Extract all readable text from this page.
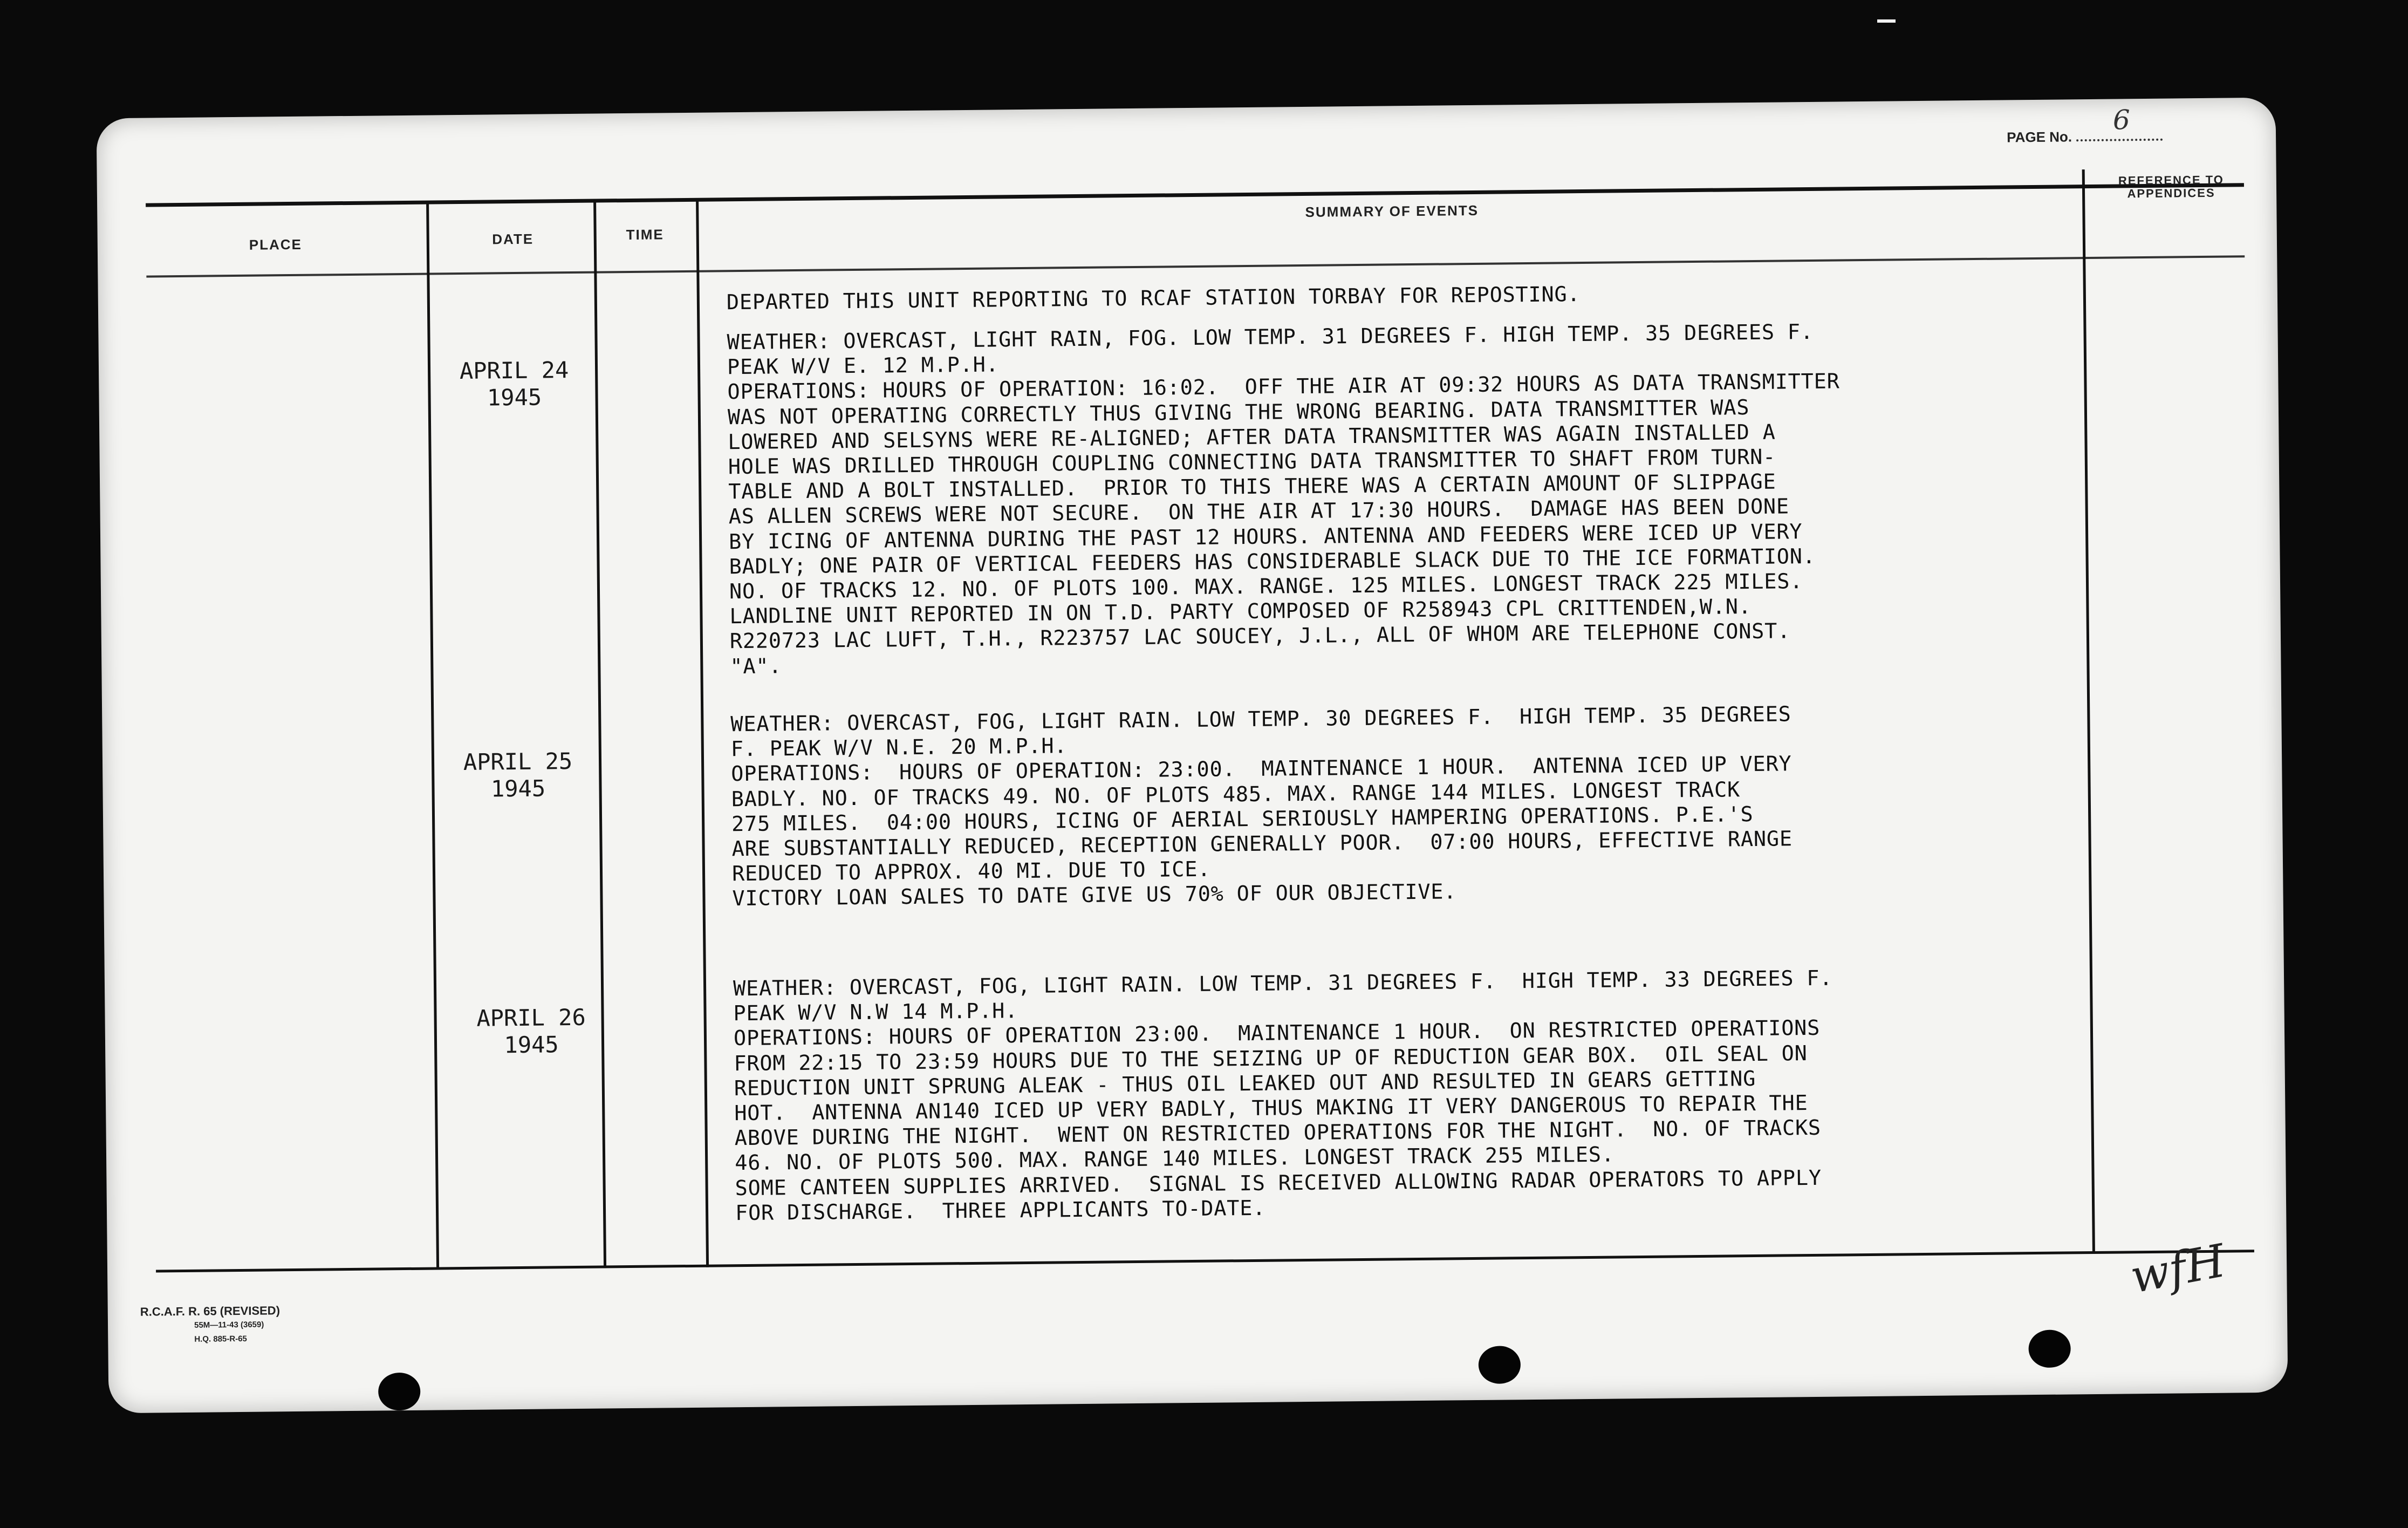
PAGE No.
6
PLACE	DATE	TIME
SUMMARY OF EVENTS
REFERENCE TO APPENDICES
APRIL 24
1945
APRIL 25
1945
APRIL 26
1945
DEPARTED THIS UNIT REPORTING TO RCAF STATION TORBAY FOR REPOSTING.
WEATHER: OVERCAST, LIGHT RAIN, FOG. LOW TEMP. 31 DEGREES F. HIGH TEMP. 35 DEGREES F.
PEAK W/V E. 12 M.P.H.
OPERATIONS: HOURS OF OPERATION: 16:02.  OFF THE AIR AT 09:32 HOURS AS DATA TRANSMITTER
WAS NOT OPERATING CORRECTLY THUS GIVING THE WRONG BEARING. DATA TRANSMITTER WAS
LOWERED AND SELSYNS WERE RE-ALIGNED; AFTER DATA TRANSMITTER WAS AGAIN INSTALLED A
HOLE WAS DRILLED THROUGH COUPLING CONNECTING DATA TRANSMITTER TO SHAFT FROM TURN-
TABLE AND A BOLT INSTALLED.  PRIOR TO THIS THERE WAS A CERTAIN AMOUNT OF SLIPPAGE
AS ALLEN SCREWS WERE NOT SECURE.  ON THE AIR AT 17:30 HOURS.  DAMAGE HAS BEEN DONE
BY ICING OF ANTENNA DURING THE PAST 12 HOURS. ANTENNA AND FEEDERS WERE ICED UP VERY
BADLY; ONE PAIR OF VERTICAL FEEDERS HAS CONSIDERABLE SLACK DUE TO THE ICE FORMATION.
NO. OF TRACKS 12. NO. OF PLOTS 100. MAX. RANGE. 125 MILES. LONGEST TRACK 225 MILES.
LANDLINE UNIT REPORTED IN ON T.D. PARTY COMPOSED OF R258943 CPL CRITTENDEN,W.N.
R220723 LAC LUFT, T.H., R223757 LAC SOUCEY, J.L., ALL OF WHOM ARE TELEPHONE CONST.
"A".
WEATHER: OVERCAST, FOG, LIGHT RAIN. LOW TEMP. 30 DEGREES F.  HIGH TEMP. 35 DEGREES
F. PEAK W/V N.E. 20 M.P.H.
OPERATIONS:  HOURS OF OPERATION: 23:00.  MAINTENANCE 1 HOUR.  ANTENNA ICED UP VERY
BADLY. NO. OF TRACKS 49. NO. OF PLOTS 485. MAX. RANGE 144 MILES. LONGEST TRACK
275 MILES.  04:00 HOURS, ICING OF AERIAL SERIOUSLY HAMPERING OPERATIONS. P.E.'S
ARE SUBSTANTIALLY REDUCED, RECEPTION GENERALLY POOR.  07:00 HOURS, EFFECTIVE RANGE
REDUCED TO APPROX. 40 MI. DUE TO ICE.
VICTORY LOAN SALES TO DATE GIVE US 70% OF OUR OBJECTIVE.
WEATHER: OVERCAST, FOG, LIGHT RAIN. LOW TEMP. 31 DEGREES F.  HIGH TEMP. 33 DEGREES F.
PEAK W/V N.W 14 M.P.H.
OPERATIONS: HOURS OF OPERATION 23:00.  MAINTENANCE 1 HOUR.  ON RESTRICTED OPERATIONS
FROM 22:15 TO 23:59 HOURS DUE TO THE SEIZING UP OF REDUCTION GEAR BOX.  OIL SEAL ON
REDUCTION UNIT SPRUNG ALEAK - THUS OIL LEAKED OUT AND RESULTED IN GEARS GETTING
HOT.  ANTENNA AN140 ICED UP VERY BADLY, THUS MAKING IT VERY DANGEROUS TO REPAIR THE
ABOVE DURING THE NIGHT.  WENT ON RESTRICTED OPERATIONS FOR THE NIGHT.  NO. OF TRACKS
46. NO. OF PLOTS 500. MAX. RANGE 140 MILES. LONGEST TRACK 255 MILES.
SOME CANTEEN SUPPLIES ARRIVED.  SIGNAL IS RECEIVED ALLOWING RADAR OPERATORS TO APPLY
FOR DISCHARGE.  THREE APPLICANTS TO-DATE.
R.C.A.F. R. 65 (REVISED)
55M—11-43 (3659)
H.Q. 885-R-65
wfH
